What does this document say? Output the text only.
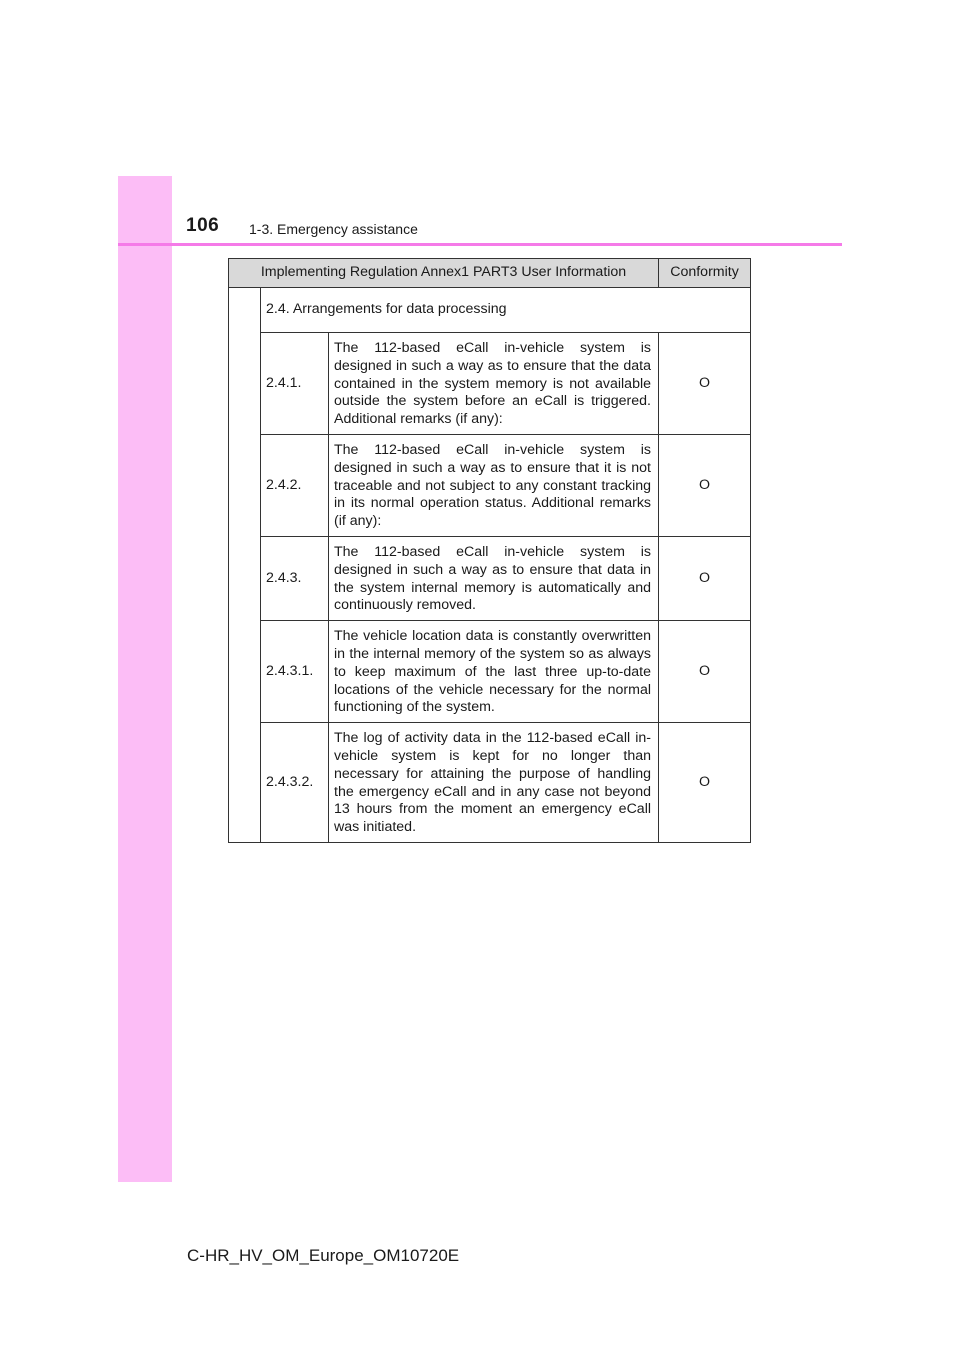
106 1-3. Emergency assistance
Implementing Regulation Annex1 PART3 User Information			Conformity
	2.4. Arrangements for data processing		
	2.4.1.	The 112-based eCall in-vehicle system is designed in such a way as to ensure that the data contained in the system memory is not available outside the system before an eCall is triggered. Additional remarks (if any):	O
	2.4.2.	The 112-based eCall in-vehicle system is designed in such a way as to ensure that it is not traceable and not subject to any constant tracking in its normal operation status. Additional remarks (if any):	O
	2.4.3.	The 112-based eCall in-vehicle system is designed in such a way as to ensure that data in the system internal memory is automatically and continuously removed.	O
	2.4.3.1.	The vehicle location data is constantly overwritten in the internal memory of the system so as always to keep maximum of the last three up-to-date locations of the vehicle necessary for the normal functioning of the system.	O
	2.4.3.2.	The log of activity data in the 112-based eCall in-vehicle system is kept for no longer than necessary for attaining the purpose of handling the emergency eCall and in any case not beyond 13 hours from the moment an emergency eCall was initiated.	O
C-HR_HV_OM_Europe_OM10720E
